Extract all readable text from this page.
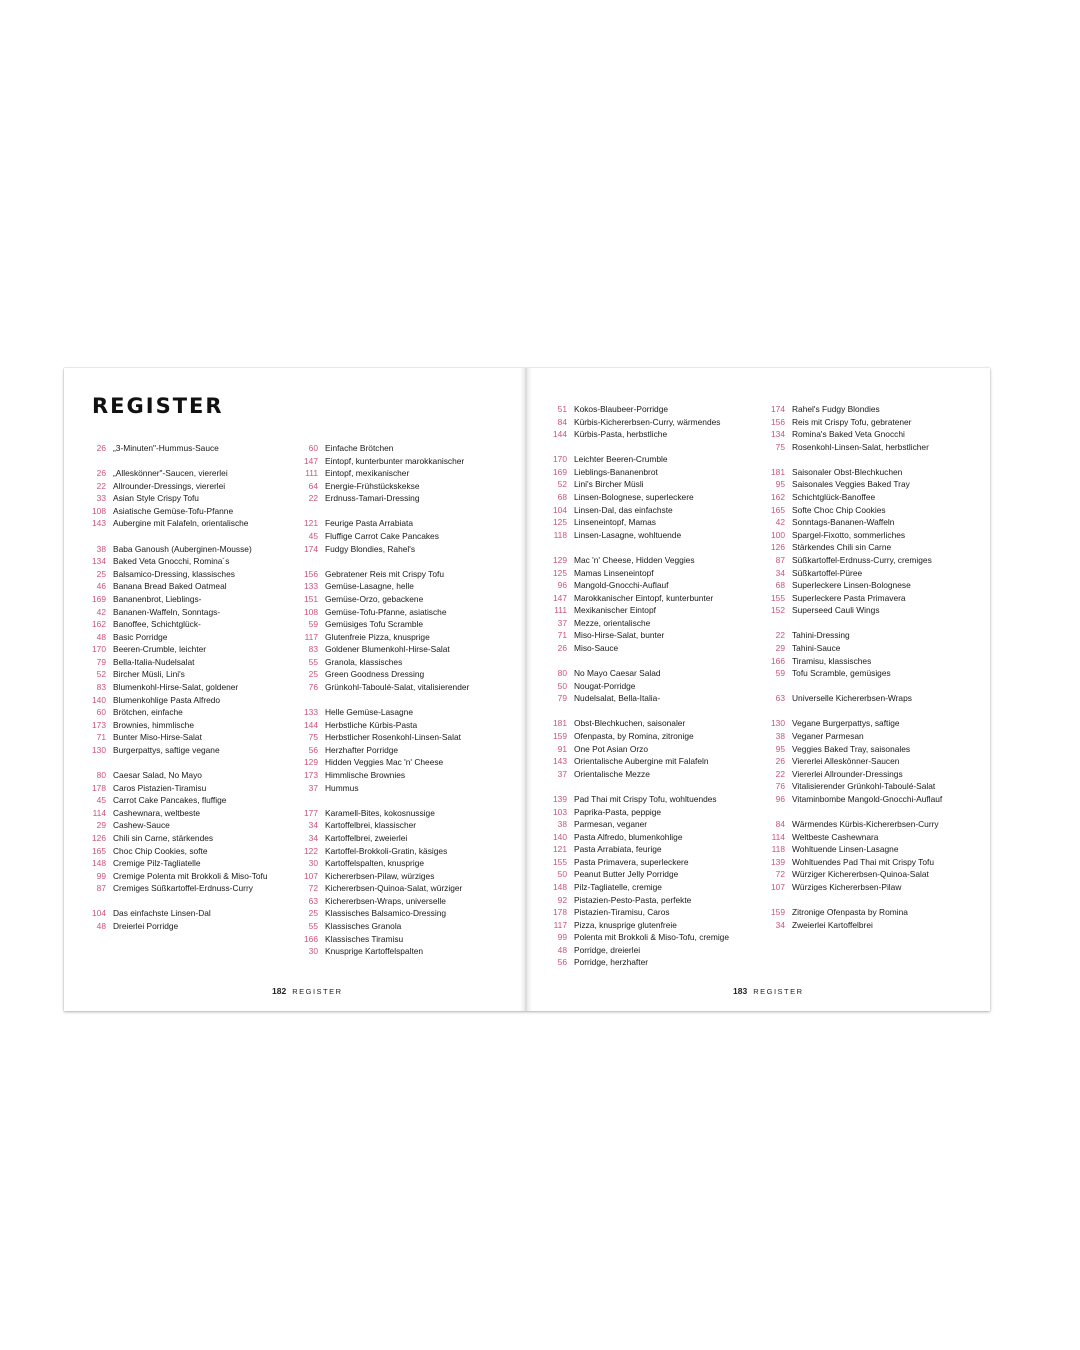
REGISTER
26 „3-Minuten"-Hummus-Sauce
26 „Alleskönner"-Saucen, viererlei
22 Allrounder-Dressings, viererlei
33 Asian Style Crispy Tofu
108 Asiatische Gemüse-Tofu-Pfanne
143 Aubergine mit Falafeln, orientalische
38 Baba Ganoush (Auberginen-Mousse)
134 Baked Veta Gnocchi, Romina´s
25 Balsamico-Dressing, klassisches
46 Banana Bread Baked Oatmeal
169 Bananenbrot, Lieblings-
42 Bananen-Waffeln, Sonntags-
162 Banoffee, Schichtglück-
48 Basic Porridge
170 Beeren-Crumble, leichter
79 Bella-Italia-Nudelsalat
52 Bircher Müsli, Lini's
83 Blumenkohl-Hirse-Salat, goldener
140 Blumenkohlige Pasta Alfredo
60 Brötchen, einfache
173 Brownies, himmlische
71 Bunter Miso-Hirse-Salat
130 Burgerpattys, saftige vegane
80 Caesar Salad, No Mayo
178 Caros Pistazien-Tiramisu
45 Carrot Cake Pancakes, fluffige
114 Cashewnara, weltbeste
29 Cashew-Sauce
126 Chili sin Carne, stärkendes
165 Choc Chip Cookies, softe
148 Cremige Pilz-Tagliatelle
99 Cremige Polenta mit Brokkoli & Miso-Tofu
87 Cremiges Süßkartoffel-Erdnuss-Curry
104 Das einfachste Linsen-Dal
48 Dreierlei Porridge
60 Einfache Brötchen
147 Eintopf, kunterbunter marokkanischer
111 Eintopf, mexikanischer
64 Energie-Frühstückskekse
22 Erdnuss-Tamari-Dressing
121 Feurige Pasta Arrabiata
45 Fluffige Carrot Cake Pancakes
174 Fudgy Blondies, Rahel's
156 Gebratener Reis mit Crispy Tofu
133 Gemüse-Lasagne, helle
151 Gemüse-Orzo, gebackene
108 Gemüse-Tofu-Pfanne, asiatische
59 Gemüsiges Tofu Scramble
117 Glutenfreie Pizza, knusprige
83 Goldener Blumenkohl-Hirse-Salat
55 Granola, klassisches
25 Green Goodness Dressing
76 Grünkohl-Taboulé-Salat, vitalisierender
133 Helle Gemüse-Lasagne
144 Herbstliche Kürbis-Pasta
75 Herbstlicher Rosenkohl-Linsen-Salat
56 Herzhafter Porridge
129 Hidden Veggies Mac 'n' Cheese
173 Himmlische Brownies
37 Hummus
177 Karamell-Bites, kokosnussige
34 Kartoffelbrei, klassischer
34 Kartoffelbrei, zweierlei
122 Kartoffel-Brokkoli-Gratin, käsiges
30 Kartoffelspalten, knusprige
107 Kichererbsen-Pilaw, würziges
72 Kichererbsen-Quinoa-Salat, würziger
63 Kichererbsen-Wraps, universelle
25 Klassisches Balsamico-Dressing
55 Klassisches Granola
166 Klassisches Tiramisu
30 Knusprige Kartoffelspalten
182 REGISTER
51 Kokos-Blaubeer-Porridge
84 Kürbis-Kichererbsen-Curry, wärmendes
144 Kürbis-Pasta, herbstliche
170 Leichter Beeren-Crumble
169 Lieblings-Bananenbrot
52 Lini's Bircher Müsli
68 Linsen-Bolognese, superleckere
104 Linsen-Dal, das einfachste
125 Linseneintopf, Mamas
118 Linsen-Lasagne, wohltuende
129 Mac 'n' Cheese, Hidden Veggies
125 Mamas Linseneintopf
96 Mangold-Gnocchi-Auflauf
147 Marokkanischer Eintopf, kunterbunter
111 Mexikanischer Eintopf
37 Mezze, orientalische
71 Miso-Hirse-Salat, bunter
26 Miso-Sauce
80 No Mayo Caesar Salad
50 Nougat-Porridge
79 Nudelsalat, Bella-Italia-
181 Obst-Blechkuchen, saisonaler
159 Ofenpasta, by Romina, zitronige
91 One Pot Asian Orzo
143 Orientalische Aubergine mit Falafeln
37 Orientalische Mezze
139 Pad Thai mit Crispy Tofu, wohltuendes
103 Paprika-Pasta, peppige
38 Parmesan, veganer
140 Pasta Alfredo, blumenkohlige
121 Pasta Arrabiata, feurige
155 Pasta Primavera, superleckere
50 Peanut Butter Jelly Porridge
148 Pilz-Tagliatelle, cremige
92 Pistazien-Pesto-Pasta, perfekte
178 Pistazien-Tiramisu, Caros
117 Pizza, knusprige glutenfreie
99 Polenta mit Brokkoli & Miso-Tofu, cremige
48 Porridge, dreierlei
56 Porridge, herzhafter
174 Rahel's Fudgy Blondies
156 Reis mit Crispy Tofu, gebratener
134 Romina's Baked Veta Gnocchi
75 Rosenkohl-Linsen-Salat, herbstlicher
181 Saisonaler Obst-Blechkuchen
95 Saisonales Veggies Baked Tray
162 Schichtglück-Banoffee
165 Softe Choc Chip Cookies
42 Sonntags-Bananen-Waffeln
100 Spargel-Fixotto, sommerliches
126 Stärkendes Chili sin Carne
87 Süßkartoffel-Erdnuss-Curry, cremiges
34 Süßkartoffel-Püree
68 Superleckere Linsen-Bolognese
155 Superleckere Pasta Primavera
152 Superseed Cauli Wings
22 Tahini-Dressing
29 Tahini-Sauce
166 Tiramisu, klassisches
59 Tofu Scramble, gemüsiges
63 Universelle Kichererbsen-Wraps
130 Vegane Burgerpattys, saftige
38 Veganer Parmesan
95 Veggies Baked Tray, saisonales
26 Viererlei Alleskönner-Saucen
22 Viererlei Allrounder-Dressings
76 Vitalisierender Grünkohl-Taboulé-Salat
96 Vitaminbombe Mangold-Gnocchi-Auflauf
84 Wärmendes Kürbis-Kichererbsen-Curry
114 Weltbeste Cashewnara
118 Wohltuende Linsen-Lasagne
139 Wohltuendes Pad Thai mit Crispy Tofu
72 Würziger Kichererbsen-Quinoa-Salat
107 Würziges Kichererbsen-Pilaw
159 Zitronige Ofenpasta by Romina
34 Zweierlei Kartoffelbrei
183 REGISTER
